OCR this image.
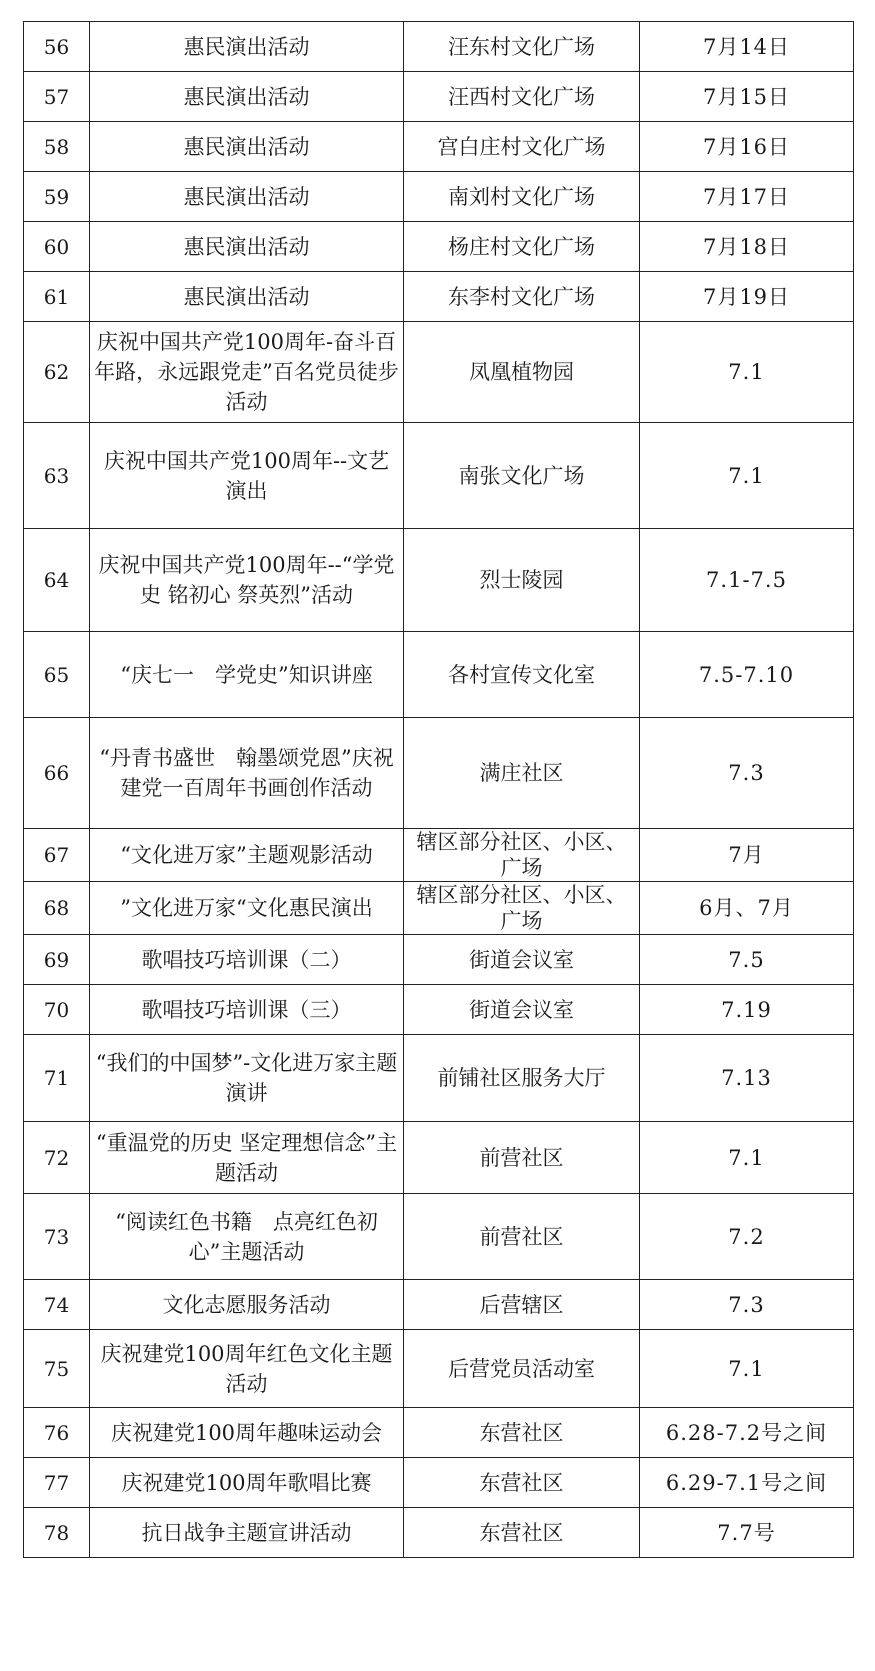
56	惠民演出活动	汪东村文化广场	7月14日
57	惠民演出活动	汪西村文化广场	7月15日
58	惠民演出活动	宫白庄村文化广场	7月16日
59	惠民演出活动	南刘村文化广场	7月17日
60	惠民演出活动	杨庄村文化广场	7月18日
61	惠民演出活动	东李村文化广场	7月19日
62	庆祝中国共产党100周年-奋斗百年路，永远跟党走”百名党员徒步活动	凤凰植物园	7.1
63	庆祝中国共产党100周年--文艺演出	南张文化广场	7.1
64	庆祝中国共产党100周年--“学党史 铭初心 祭英烈”活动	烈士陵园	7.1-7.5
65	“庆七一　学党史”知识讲座	各村宣传文化室	7.5-7.10
66	“丹青书盛世　翰墨颂党恩”庆祝建党一百周年书画创作活动	满庄社区	7.3
67	“文化进万家”主题观影活动	辖区部分社区、小区、广场	7月
68	”文化进万家“文化惠民演出	辖区部分社区、小区、广场	6月、7月
69	歌唱技巧培训课（二）	街道会议室	7.5
70	歌唱技巧培训课（三）	街道会议室	7.19
71	“我们的中国梦”-文化进万家主题演讲	前铺社区服务大厅	7.13
72	“重温党的历史 坚定理想信念”主题活动	前营社区	7.1
73	“阅读红色书籍　点亮红色初心”主题活动	前营社区	7.2
74	文化志愿服务活动	后营辖区	7.3
75	庆祝建党100周年红色文化主题活动	后营党员活动室	7.1
76	庆祝建党100周年趣味运动会	东营社区	6.28-7.2号之间
77	庆祝建党100周年歌唱比赛	东营社区	6.29-7.1号之间
78	抗日战争主题宣讲活动	东营社区	7.7号
